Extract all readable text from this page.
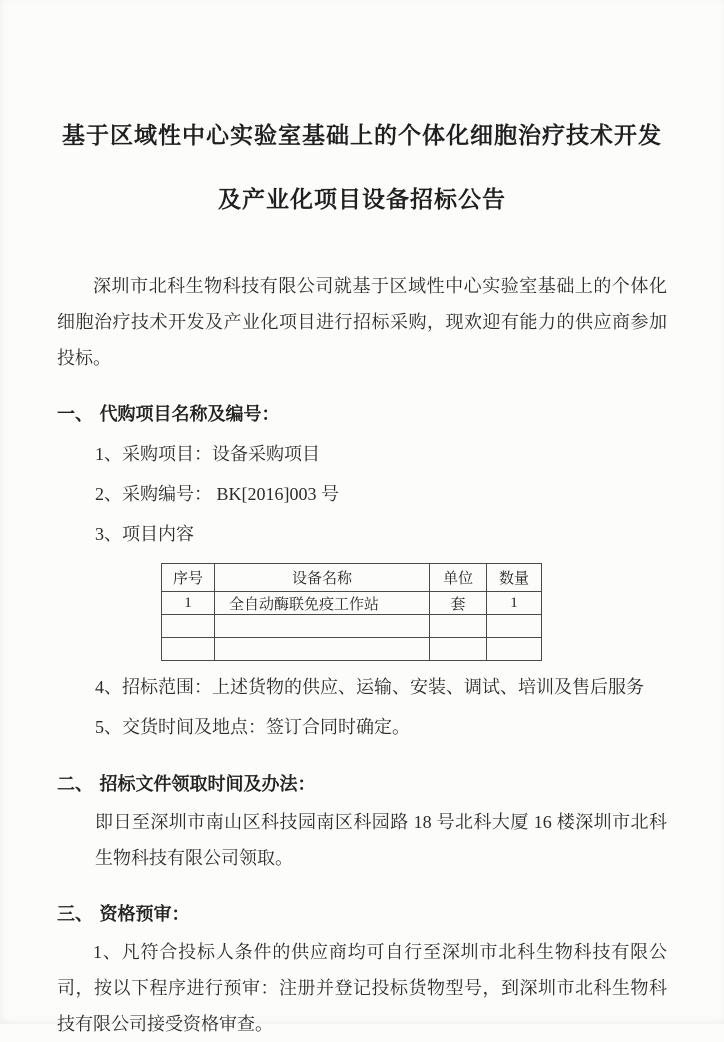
基于区域性中心实验室基础上的个体化细胞治疗技术开发
及产业化项目设备招标公告

深圳市北科生物科技有限公司就基于区域性中心实验室基础上的个体化细胞治疗技术开发及产业化项目进行招标采购，现欢迎有能力的供应商参加投标。

一、 代购项目名称及编号：

1、采购项目：设备采购项目

2、采购编号： BK[2016]003 号

3、项目内容

序号	设备名称	单位	数量
1	全自动酶联免疫工作站	套	1

4、招标范围：上述货物的供应、运输、安装、调试、培训及售后服务

5、交货时间及地点：签订合同时确定。

二、 招标文件领取时间及办法：

即日至深圳市南山区科技园南区科园路 18 号北科大厦 16 楼深圳市北科生物科技有限公司领取。

三、 资格预审：

1、凡符合投标人条件的供应商均可自行至深圳市北科生物科技有限公司，按以下程序进行预审：注册并登记投标货物型号，到深圳市北科生物科技有限公司接受资格审查。
